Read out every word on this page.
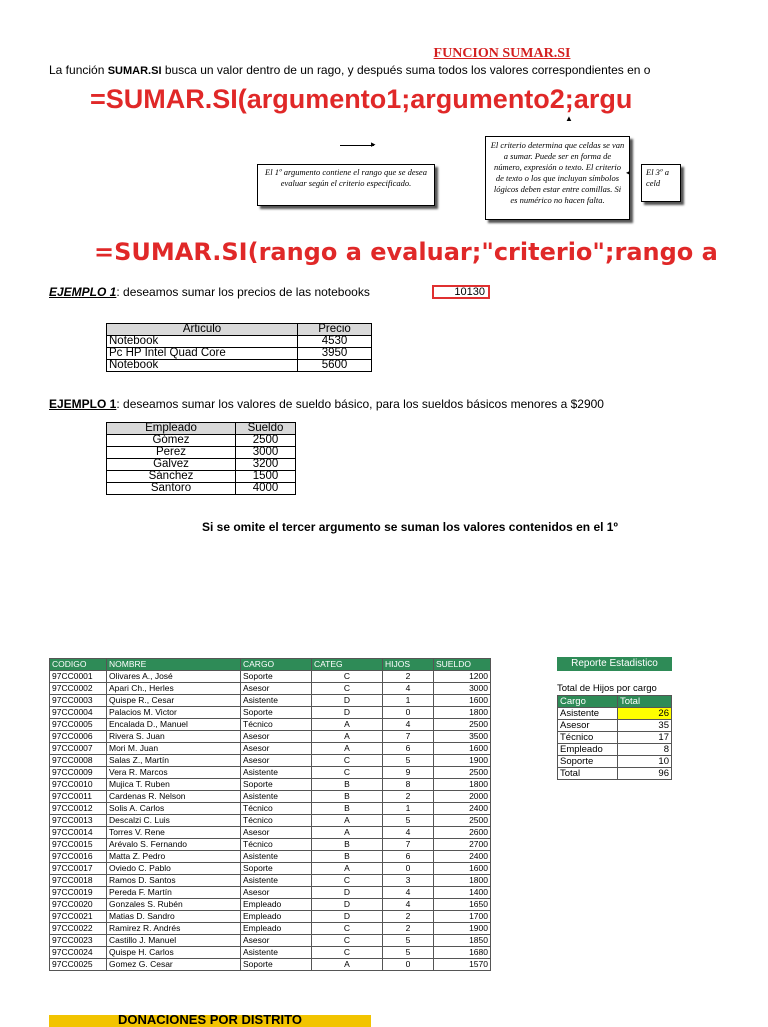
FUNCION SUMAR.SI
La función SUMAR.SI busca un valor dentro de un rago, y después suma todos los valores correspondientes en o
=SUMAR.SI(argumento1;argumento2;argu
▸
El 1º argumento contiene el rango que se desea evaluar según el criterio especificado.
▲
El criterio determina que celdas se van a sumar. Puede ser en forma de número, expresión o texto. El criterio de texto o los que incluyan símbolos lógicos deben estar entre comillas. Si es numérico no hacen falta.
◂	El 3º a celd
=SUMAR.SI(rango a evaluar;"criterio";rango a
EJEMPLO 1: deseamos sumar los precios de las notebooks	10130
Articulo	Precio
Notebook	4530
Pc HP Intel Quad Core	3950
Notebook	5600
EJEMPLO 1: deseamos sumar los valores de sueldo básico, para los sueldos básicos menores a $2900
Empleado	Sueldo
Gómez	2500
Perez	3000
Galvez	3200
Sánchez	1500
Santoro	4000
Si se omite el tercer argumento se suman los valores contenidos en el 1º
CODIGO	NOMBRE	CARGO	CATEG	HIJOS	SUELDO
97CC0001	Olivares A., José	Soporte	C	2	1200
97CC0002	Apari Ch., Herles	Asesor	C	4	3000
97CC0003	Quispe R., Cesar	Asistente	D	1	1600
97CC0004	Palacios M. Victor	Soporte	D	0	1800
97CC0005	Encalada D., Manuel	Técnico	A	4	2500
97CC0006	Rivera S. Juan	Asesor	A	7	3500
97CC0007	Mori M. Juan	Asesor	A	6	1600
97CC0008	Salas Z., Martín	Asesor	C	5	1900
97CC0009	Vera R. Marcos	Asistente	C	9	2500
97CC0010	Mujica T. Ruben	Soporte	B	8	1800
97CC0011	Cardenas R. Nelson	Asistente	B	2	2000
97CC0012	Solis A. Carlos	Técnico	B	1	2400
97CC0013	Descalzi C. Luis	Técnico	A	5	2500
97CC0014	Torres V. Rene	Asesor	A	4	2600
97CC0015	Arévalo S. Fernando	Técnico	B	7	2700
97CC0016	Matta Z. Pedro	Asistente	B	6	2400
97CC0017	Oviedo C. Pablo	Soporte	A	0	1600
97CC0018	Ramos D. Santos	Asistente	C	3	1800
97CC0019	Pereda F. Martín	Asesor	D	4	1400
97CC0020	Gonzales S. Rubén	Empleado	D	4	1650
97CC0021	Matias D. Sandro	Empleado	D	2	1700
97CC0022	Ramirez R. Andrés	Empleado	C	2	1900
97CC0023	Castillo J. Manuel	Asesor	C	5	1850
97CC0024	Quispe H. Carlos	Asistente	C	5	1680
97CC0025	Gomez G. Cesar	Soporte	A	0	1570
Reporte Estadistico
Total de Hijos por cargo
Cargo	Total
Asistente	26
Asesor	35
Técnico	17
Empleado	8
Soporte	10
Total	96
DONACIONES POR DISTRITO
